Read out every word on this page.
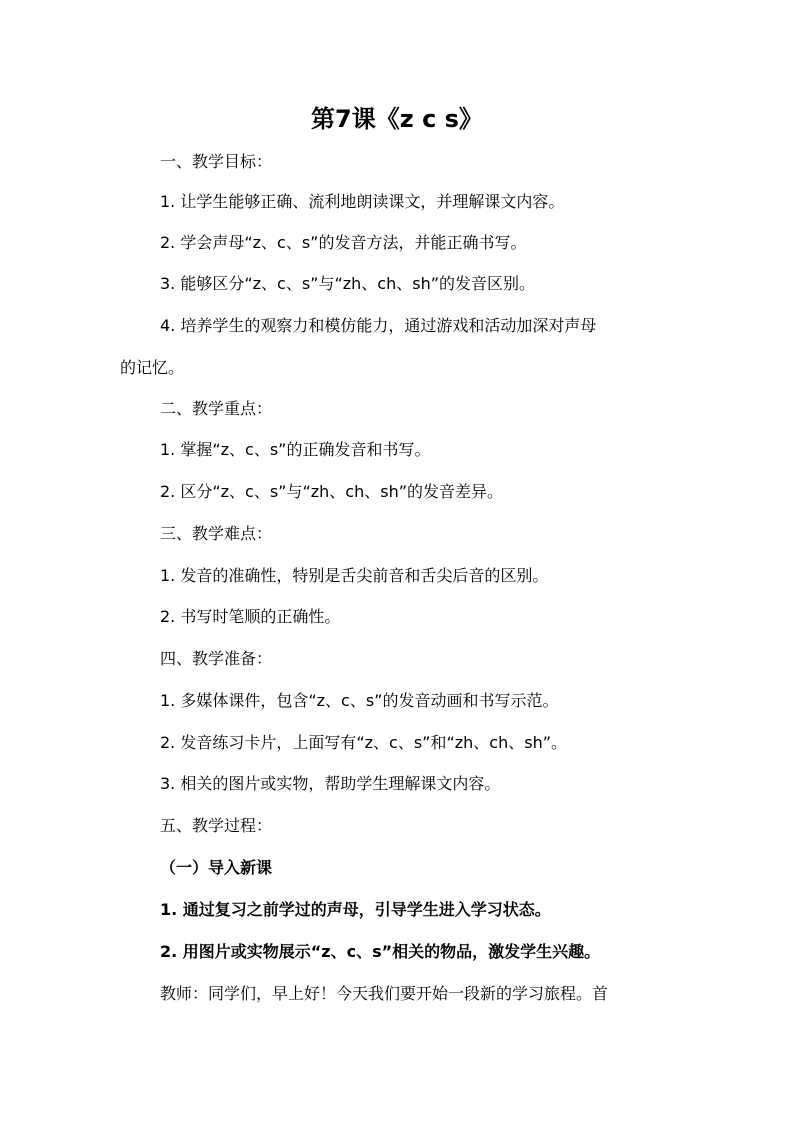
第7课《z c s》
一、教学目标：
1. 让学生能够正确、流利地朗读课文，并理解课文内容。
2. 学会声母“z、c、s”的发音方法，并能正确书写。
3. 能够区分“z、c、s”与“zh、ch、sh”的发音区别。
4. 培养学生的观察力和模仿能力，通过游戏和活动加深对声母
的记忆。
二、教学重点：
1. 掌握“z、c、s”的正确发音和书写。
2. 区分“z、c、s”与“zh、ch、sh”的发音差异。
三、教学难点：
1. 发音的准确性，特别是舌尖前音和舌尖后音的区别。
2. 书写时笔顺的正确性。
四、教学准备：
1. 多媒体课件，包含“z、c、s”的发音动画和书写示范。
2. 发音练习卡片，上面写有“z、c、s”和“zh、ch、sh”。
3. 相关的图片或实物，帮助学生理解课文内容。
五、教学过程：
（一）导入新课
1. 通过复习之前学过的声母，引导学生进入学习状态。
2. 用图片或实物展示“z、c、s”相关的物品，激发学生兴趣。
教师：同学们，早上好！今天我们要开始一段新的学习旅程。首
